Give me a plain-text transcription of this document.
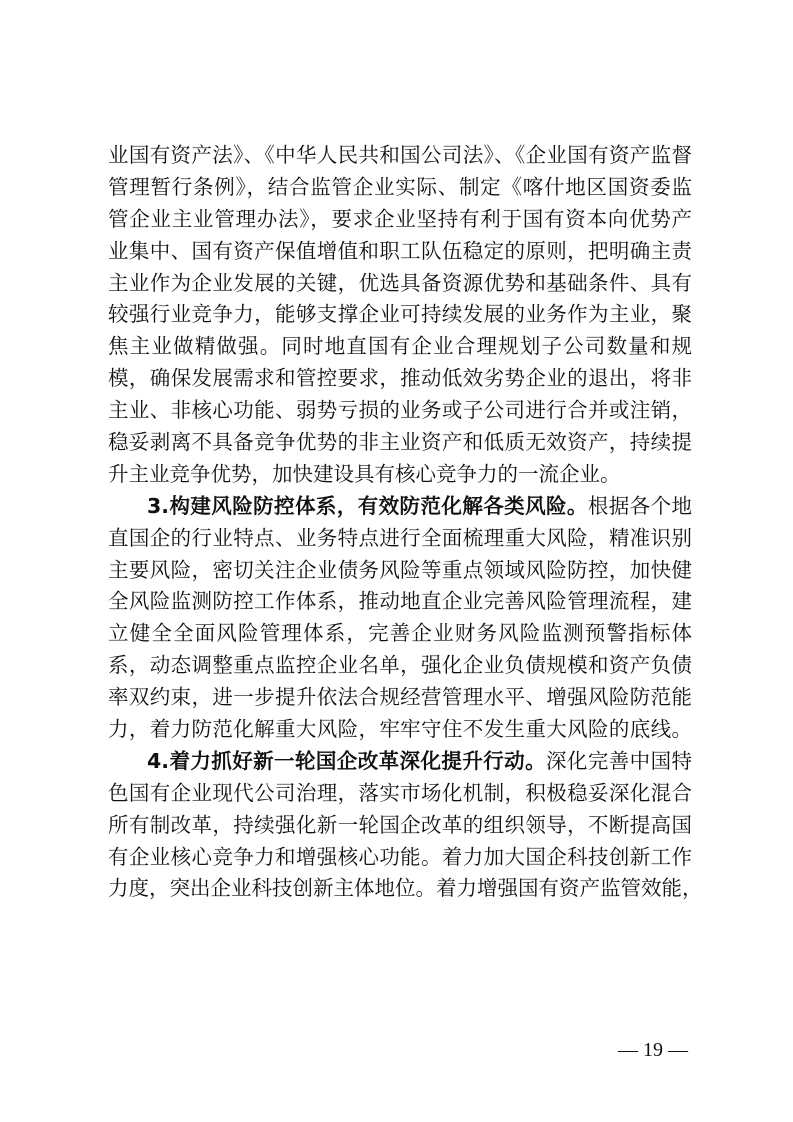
业国有资产法》、《中华人民共和国公司法》、《企业国有资产监督
管理暂行条例》，结合监管企业实际、制定《喀什地区国资委监
管企业主业管理办法》，要求企业坚持有利于国有资本向优势产
业集中、国有资产保值增值和职工队伍稳定的原则，把明确主责
主业作为企业发展的关键，优选具备资源优势和基础条件、具有
较强行业竞争力，能够支撑企业可持续发展的业务作为主业，聚
焦主业做精做强。同时地直国有企业合理规划子公司数量和规
模，确保发展需求和管控要求，推动低效劣势企业的退出，将非
主业、非核心功能、弱势亏损的业务或子公司进行合并或注销，
稳妥剥离不具备竞争优势的非主业资产和低质无效资产，持续提
升主业竞争优势，加快建设具有核心竞争力的一流企业。
3.构建风险防控体系，有效防范化解各类风险。根据各个地
直国企的行业特点、业务特点进行全面梳理重大风险，精准识别
主要风险，密切关注企业债务风险等重点领域风险防控，加快健
全风险监测防控工作体系，推动地直企业完善风险管理流程，建
立健全全面风险管理体系，完善企业财务风险监测预警指标体
系，动态调整重点监控企业名单，强化企业负债规模和资产负债
率双约束，进一步提升依法合规经营管理水平、增强风险防范能
力，着力防范化解重大风险，牢牢守住不发生重大风险的底线。
4.着力抓好新一轮国企改革深化提升行动。深化完善中国特
色国有企业现代公司治理，落实市场化机制，积极稳妥深化混合
所有制改革，持续强化新一轮国企改革的组织领导，不断提高国
有企业核心竞争力和增强核心功能。着力加大国企科技创新工作
力度，突出企业科技创新主体地位。着力增强国有资产监管效能，
— 19 —
